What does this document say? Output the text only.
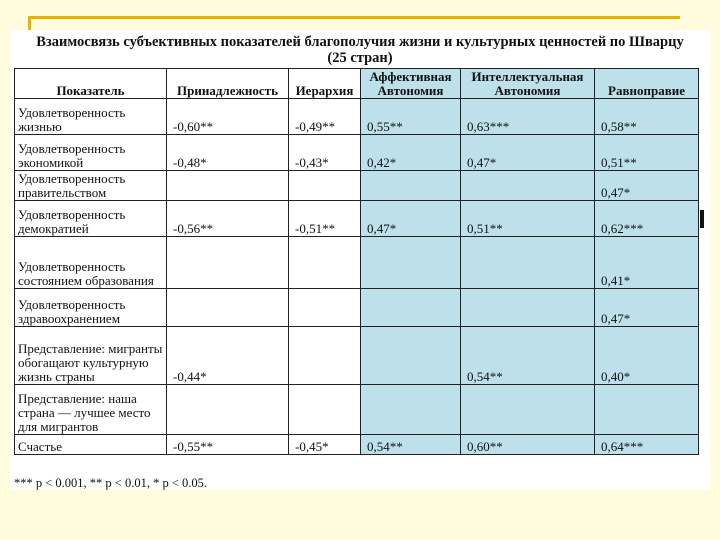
Взаимосвязь субъективных показателей благополучия жизни и культурных ценностей по Шварцу
(25 стран)
Показатель	Принадлежность	Иерархия	Аффективная Автономия	Интеллектуальная Автономия	Равноправие
Удовлетворенность жизнью	-0,60**	-0,49**	0,55**	0,63***	0,58**
Удовлетворенность экономикой	-0,48*	-0,43*	0,42*	0,47*	0,51**
Удовлетворенность правительством					0,47*
Удовлетворенность демократией	-0,56**	-0,51**	0,47*	0,51**	0,62***
Удовлетворенность состоянием образования					0,41*
Удовлетворенность здравоохранением					0,47*
Представление: мигранты обогащают культурную жизнь страны	-0,44*			0,54**	0,40*
Представление: наша страна — лучшее место для мигрантов					
Счастье	-0,55**	-0,45*	0,54**	0,60**	0,64***
*** p < 0.001, ** p < 0.01, * p < 0.05.
